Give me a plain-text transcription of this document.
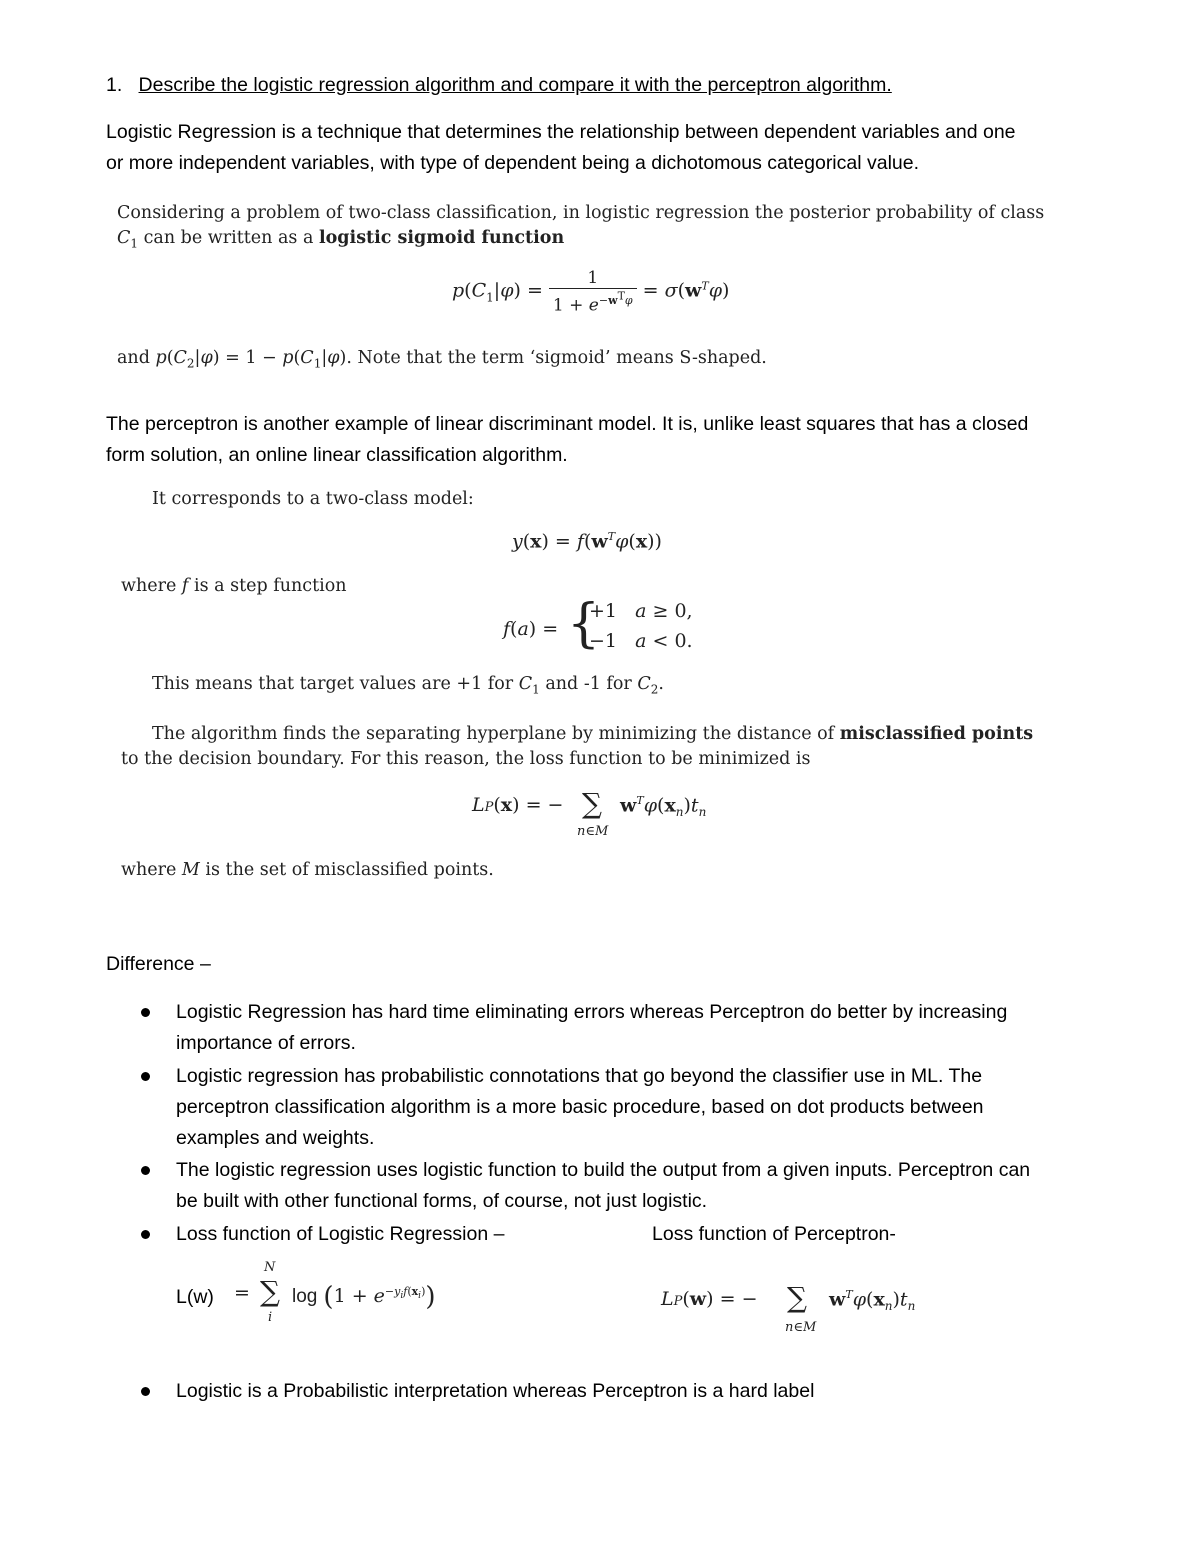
1. Describe the logistic regression algorithm and compare it with the perceptron algorithm.
Logistic Regression is a technique that determines the relationship between dependent variables and one
or more independent variables, with type of dependent being a dichotomous categorical value.
Considering a problem of two-class classification, in logistic regression the posterior probability of class
$C_1$ can be written as a logistic sigmoid function
$p(C_1|\varphi) = \frac{1}{1 + e^{-w^T\varphi}} = \sigma(w^T\varphi)$
and $p(C_2|\varphi) = 1 - p(C_1|\varphi)$. Note that the term ‘sigmoid’ means S-shaped.
The perceptron is another example of linear discriminant model. It is, unlike least squares that has a closed
form solution, an online linear classification algorithm.
It corresponds to a two-class model:
$y(x) = f(w^T\varphi(x))$
where f is a step function
f(a) = {
+1   a ≥ 0,
−1   a < 0.
This means that target values are +1 for $C_1$ and -1 for $C_2$.
The algorithm finds the separating hyperplane by minimizing the distance of misclassified points
to the decision boundary. For this reason, the loss function to be minimized is
LP(x) = − ∑
n∈M
$w^T\varphi(x_n)t_n$
where M is the set of misclassified points.
Difference –
Logistic Regression has hard time eliminating errors whereas Perceptron do better by increasing
importance of errors.
Logistic regression has probabilistic connotations that go beyond the classifier use in ML. The
perceptron classification algorithm is a more basic procedure, based on dot products between
examples and weights.
The logistic regression uses logistic function to build the output from a given inputs. Perceptron can
be built with other functional forms, of course, not just logistic.
Loss function of Logistic Regression –	Loss function of Perceptron-
L(w) =
N
∑
i
$\log (1 + e^{-y_if(x_i)})$	LP(w) = − ∑
n∈M
$w^T\varphi(x_n)t_n$
Logistic is a Probabilistic interpretation whereas Perceptron is a hard label
